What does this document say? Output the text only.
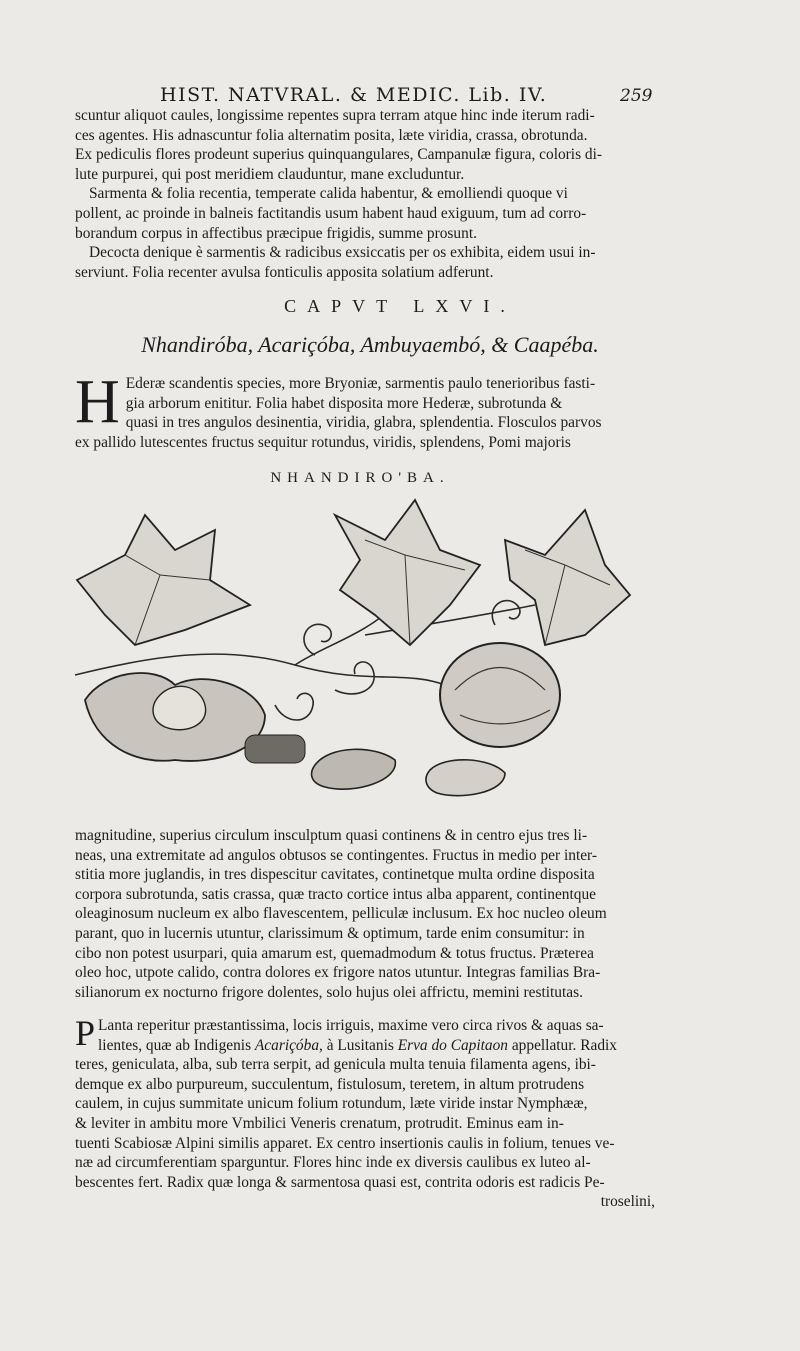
HIST. NATVRAL. & MEDIC. Lib. IV.	259

scuntur aliquot caules, longissime repentes supra terram atque hinc inde iterum radi-

ces agentes. His adnascuntur folia alternatim posita, læte viridia, crassa, obrotunda.

Ex pediculis flores prodeunt superius quinquangulares, Campanulæ figura, coloris di-

lute purpurei, qui post meridiem clauduntur, mane excluduntur.

Sarmenta & folia recentia, temperate calida habentur, & emolliendi quoque vi

pollent, ac proinde in balneis factitandis usum habent haud exiguum, tum ad corro-

borandum corpus in affectibus præcipue frigidis, summe prosunt.

Decocta denique è sarmentis & radicibus exsiccatis per os exhibita, eidem usui in-

serviunt. Folia recenter avulsa fonticulis apposita solatium adferunt.

CAPVT LXVI.
Nhandiróba, Acariçóba, Ambuyaembó, & Caapéba.
H Ederæ scandentis species, more Bryoniæ, sarmentis paulo tenerioribus fasti-

gia arborum enititur. Folia habet disposita more Hederæ, subrotunda &

quasi in tres angulos desinentia, viridia, glabra, splendentia. Flosculos parvos

ex pallido lutescentes fructus sequitur rotundus, viridis, splendens, Pomi majoris

NHANDIRO'BA.

magnitudine, superius circulum insculptum quasi continens & in centro ejus tres li-

neas, una extremitate ad angulos obtusos se contingentes. Fructus in medio per inter-

stitia more juglandis, in tres dispescitur cavitates, continetque multa ordine disposita

corpora subrotunda, satis crassa, quæ tracto cortice intus alba apparent, continentque

oleaginosum nucleum ex albo flavescentem, pelliculæ inclusum. Ex hoc nucleo oleum

parant, quo in lucernis utuntur, clarissimum & optimum, tarde enim consumitur: in

cibo non potest usurpari, quia amarum est, quemadmodum & totus fructus. Præterea

oleo hoc, utpote calido, contra dolores ex frigore natos utuntur. Integras familias Bra-

silianorum ex nocturno frigore dolentes, solo hujus olei affrictu, memini restitutas.

P Lanta reperitur præstantissima, locis irriguis, maxime vero circa rivos & aquas sa-

lientes, quæ ab Indigenis Acariçóba, à Lusitanis Erva do Capitaon appellatur. Radix

teres, geniculata, alba, sub terra serpit, ad genicula multa tenuia filamenta agens, ibi-

demque ex albo purpureum, succulentum, fistulosum, teretem, in altum protrudens

caulem, in cujus summitate unicum folium rotundum, læte viride instar Nymphææ,

& leviter in ambitu more Vmbilici Veneris crenatum, protrudit. Eminus eam in-

tuenti Scabiosæ Alpini similis apparet. Ex centro insertionis caulis in folium, tenues ve-

næ ad circumferentiam sparguntur. Flores hinc inde ex diversis caulibus ex luteo al-

bescentes fert. Radix quæ longa & sarmentosa quasi est, contrita odoris est radicis Pe-

troselini,
